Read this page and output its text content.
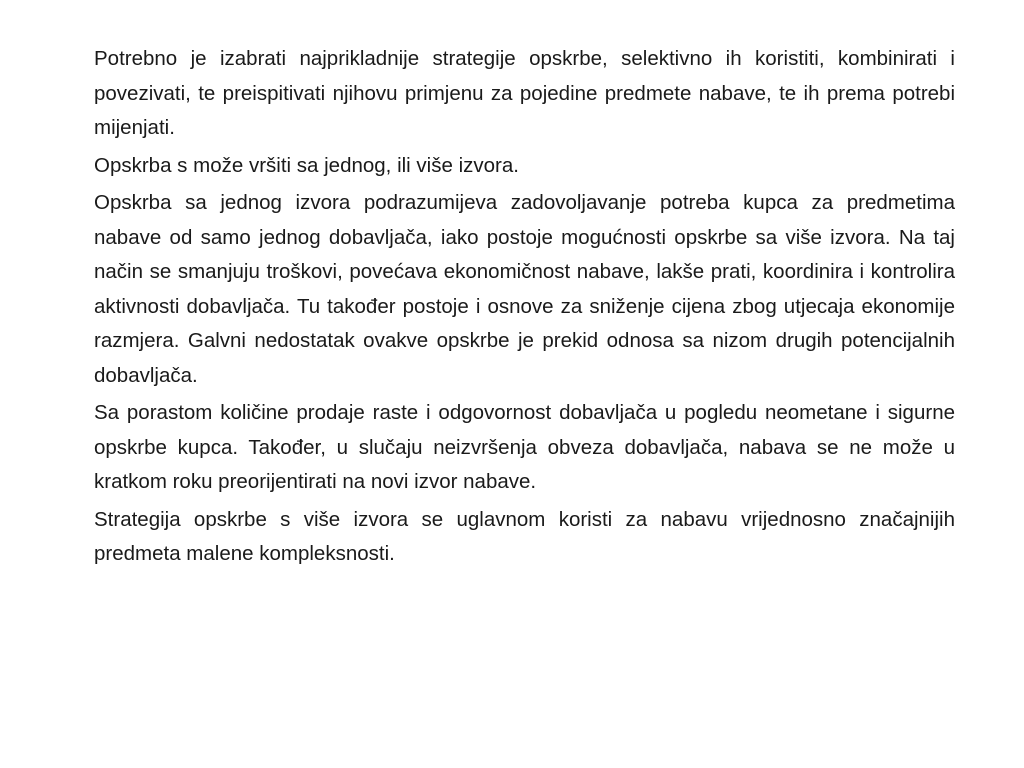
Potrebno je izabrati najprikladnije strategije opskrbe, selektivno ih koristiti, kombinirati i povezivati, te preispitivati njihovu primjenu za pojedine predmete nabave, te ih prema potrebi mijenjati.

Opskrba s može vršiti sa jednog, ili više izvora.

Opskrba sa jednog izvora podrazumijeva zadovoljavanje potreba kupca za predmetima nabave od samo jednog dobavljača, iako postoje mogućnosti opskrbe sa više izvora. Na taj način se smanjuju troškovi, povećava ekonomičnost nabave, lakše prati, koordinira i kontrolira aktivnosti dobavljača. Tu također postoje i osnove za sniženje cijena zbog utjecaja ekonomije razmjera. Galvni nedostatak ovakve opskrbe je prekid odnosa sa nizom drugih potencijalnih dobavljača.

Sa porastom količine prodaje raste i odgovornost dobavljača u pogledu neometane i sigurne opskrbe kupca. Također, u slučaju neizvršenja obveza dobavljača, nabava se ne može u kratkom roku preorijentirati na novi izvor nabave.

Strategija opskrbe s više izvora se uglavnom koristi za nabavu vrijednosno značajnijih predmeta malene kompleksnosti.
